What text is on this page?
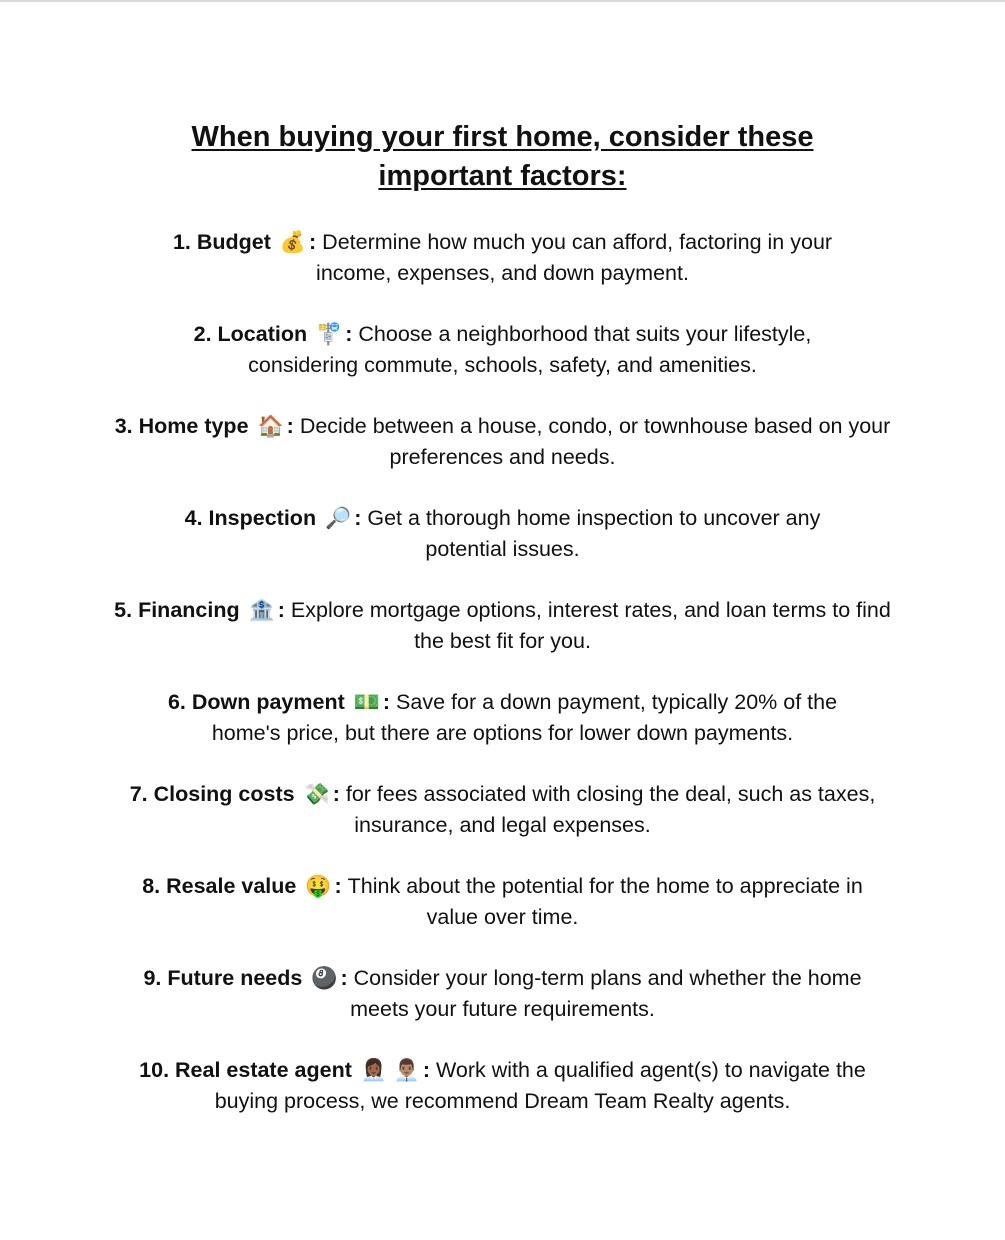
When buying your first home, consider these important factors:
1. Budget 💰 : Determine how much you can afford, factoring in your income, expenses, and down payment.
2. Location 🚏 : Choose a neighborhood that suits your lifestyle, considering commute, schools, safety, and amenities.
3. Home type 🏠 : Decide between a house, condo, or townhouse based on your preferences and needs.
4. Inspection 🔎 : Get a thorough home inspection to uncover any potential issues.
5. Financing 🏦 : Explore mortgage options, interest rates, and loan terms to find the best fit for you.
6. Down payment 💵 : Save for a down payment, typically 20% of the home's price, but there are options for lower down payments.
7. Closing costs 💸 : for fees associated with closing the deal, such as taxes, insurance, and legal expenses.
8. Resale value 🤑 : Think about the potential for the home to appreciate in value over time.
9. Future needs 🎱 : Consider your long-term plans and whether the home meets your future requirements.
10. Real estate agent 👩🏾‍💼 👨🏽‍💼 : Work with a qualified agent(s) to navigate the buying process, we recommend Dream Team Realty agents.
